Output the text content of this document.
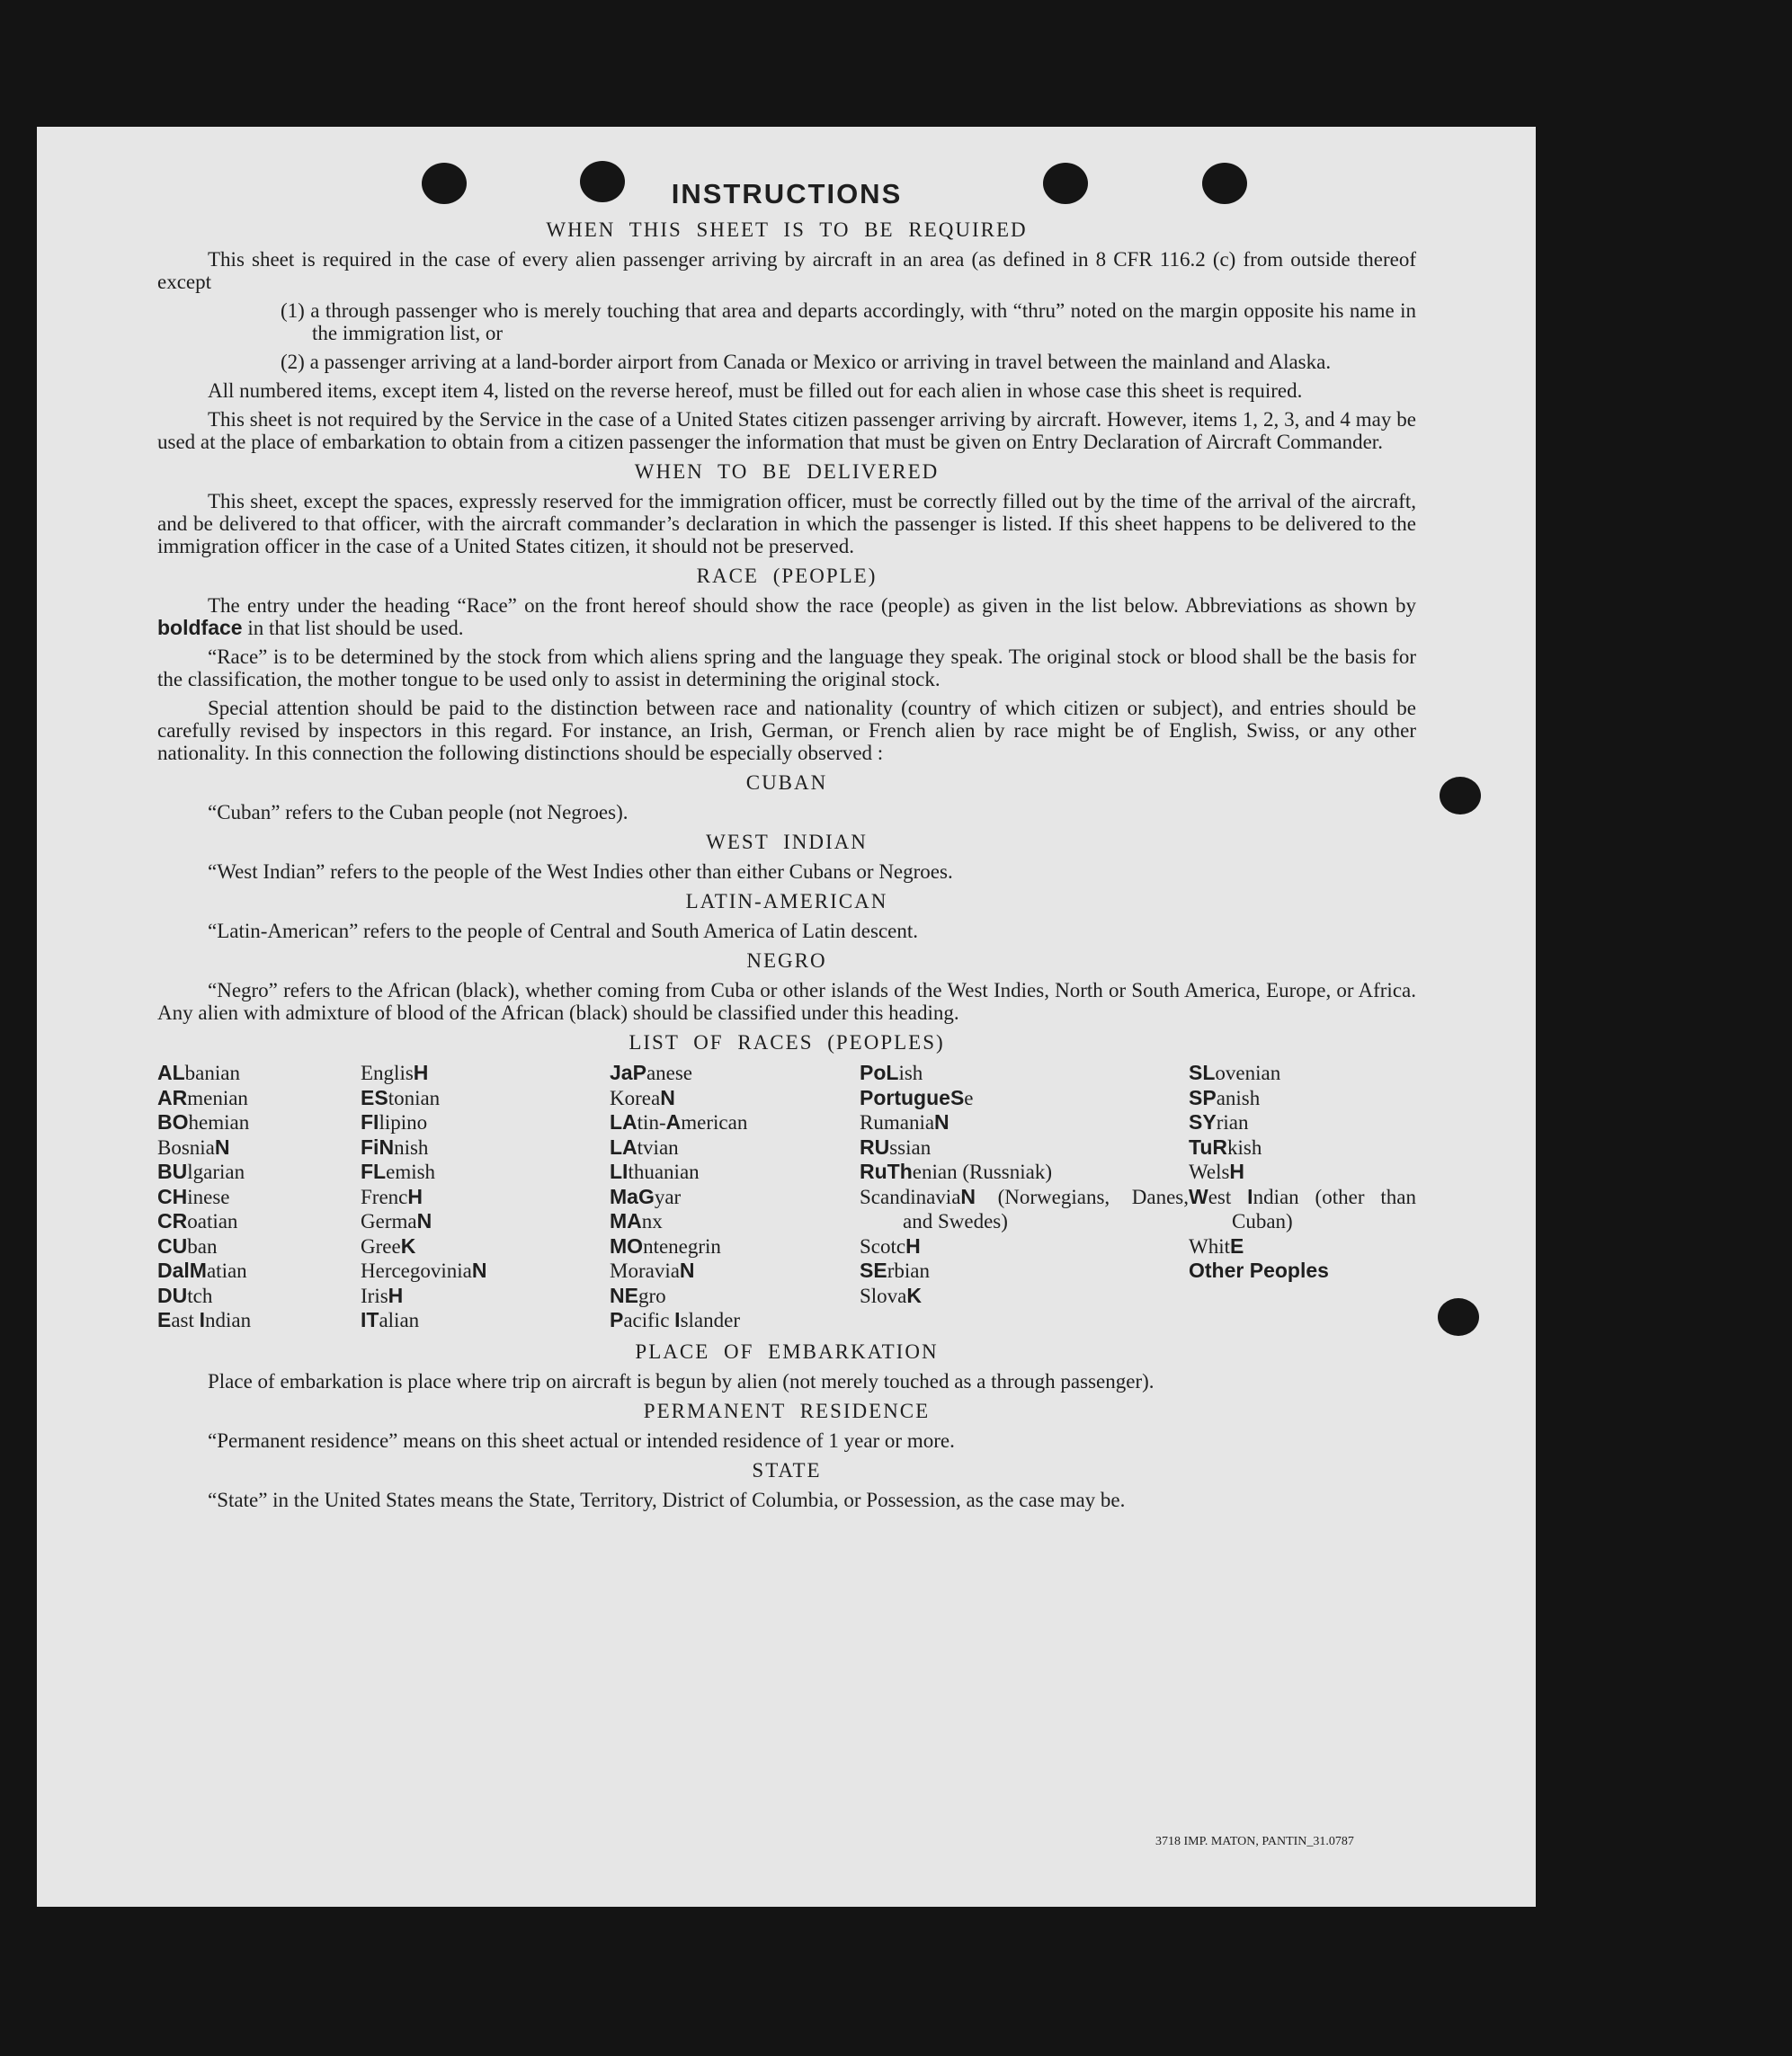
INSTRUCTIONS
WHEN THIS SHEET IS TO BE REQUIRED

This sheet is required in the case of every alien passenger arriving by aircraft in an area (as defined in 8 CFR 116.2 (c) from outside thereof except

(1) a through passenger who is merely touching that area and departs accordingly, with “thru” noted on the margin opposite his name in the immigration list, or
(2) a passenger arriving at a land-border airport from Canada or Mexico or arriving in travel between the mainland and Alaska.

All numbered items, except item 4, listed on the reverse hereof, must be filled out for each alien in whose case this sheet is required.

This sheet is not required by the Service in the case of a United States citizen passenger arriving by aircraft. However, items 1, 2, 3, and 4 may be used at the place of embarkation to obtain from a citizen passenger the information that must be given on Entry Declaration of Aircraft Commander.

WHEN TO BE DELIVERED

This sheet, except the spaces, expressly reserved for the immigration officer, must be correctly filled out by the time of the arrival of the aircraft, and be delivered to that officer, with the aircraft commander’s declaration in which the passenger is listed. If this sheet happens to be delivered to the immigration officer in the case of a United States citizen, it should not be preserved.

RACE (PEOPLE)

The entry under the heading “Race” on the front hereof should show the race (people) as given in the list below. Abbreviations as shown by boldface in that list should be used.

“Race” is to be determined by the stock from which aliens spring and the language they speak. The original stock or blood shall be the basis for the classification, the mother tongue to be used only to assist in determining the original stock.

Special attention should be paid to the distinction between race and nationality (country of which citizen or subject), and entries should be carefully revised by inspectors in this regard. For instance, an Irish, German, or French alien by race might be of English, Swiss, or any other nationality. In this connection the following distinctions should be especially observed :

CUBAN

“Cuban” refers to the Cuban people (not Negroes).

WEST INDIAN

“West Indian” refers to the people of the West Indies other than either Cubans or Negroes.

LATIN-AMERICAN

“Latin-American” refers to the people of Central and South America of Latin descent.

NEGRO

“Negro” refers to the African (black), whether coming from Cuba or other islands of the West Indies, North or South America, Europe, or Africa. Any alien with admixture of blood of the African (black) should be classified under this heading.

LIST OF RACES (PEOPLES)
ALbanian
ARmenian
BOhemian
BosniaN
BUlgarian
CHinese
CRoatian
CUban
DalMatian
DUtch
East Indian
EnglisH
EStonian
FIlipino
FiNnish
FLemish
FrencH
GermaN
GreeK
HercegoviniaN
IrisH
ITalian
JaPanese
KoreaN
LAtin-American
LAtvian
LIthuanian
MaGyar
MAnx
MOntenegrin
MoraviaN
NEgro
Pacific Islander
PoLish
PortugueSe
RumaniaN
RUssian
RuThenian (Russniak)
ScandinaviaN (Norwegians, Danes, and Swedes)
ScotcH
SErbian
SlovaK
SLovenian
SPanish
SYrian
TuRkish
WelsH
West Indian (other than Cuban)
WhitE
Other Peoples
PLACE OF EMBARKATION

Place of embarkation is place where trip on aircraft is begun by alien (not merely touched as a through passenger).

PERMANENT RESIDENCE

“Permanent residence” means on this sheet actual or intended residence of 1 year or more.

STATE

“State” in the United States means the State, Territory, District of Columbia, or Possession, as the case may be.

3718 IMP. MATON, PANTIN_31.0787
